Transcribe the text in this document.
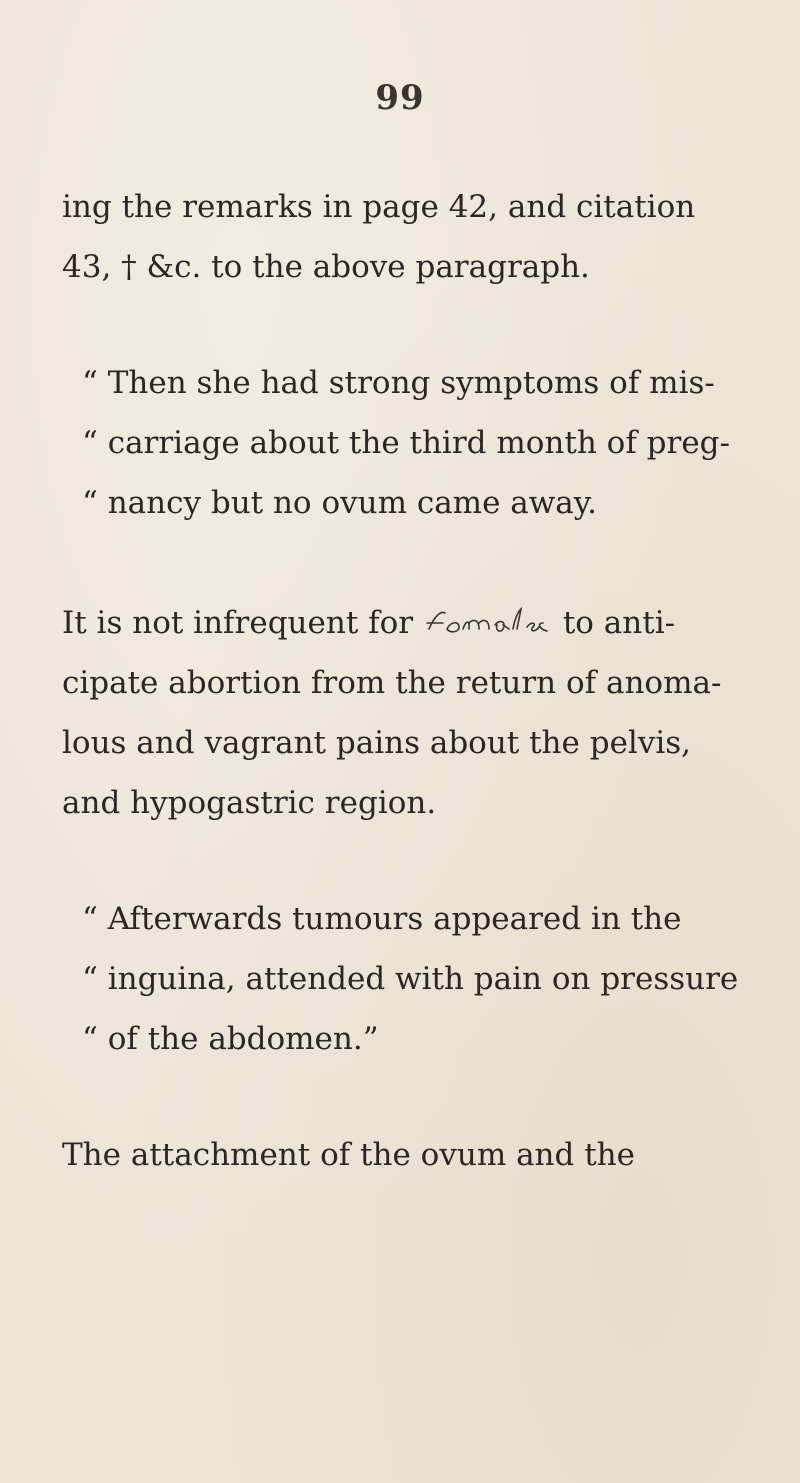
99
ing the remarks in page 42, and citation
43, † &c. to the above paragraph.
“ Then she had strong symptoms of mis-
“ carriage about the third month of preg-
“ nancy but no ovum came away.
It is not infrequent for	to anti-
cipate abortion from the return of anoma-
lous and vagrant pains about the pelvis,
and hypogastric region.
“ Afterwards tumours appeared in the
“ inguina, attended with pain on pressure
“ of the abdomen.”
The attachment of the ovum and the
